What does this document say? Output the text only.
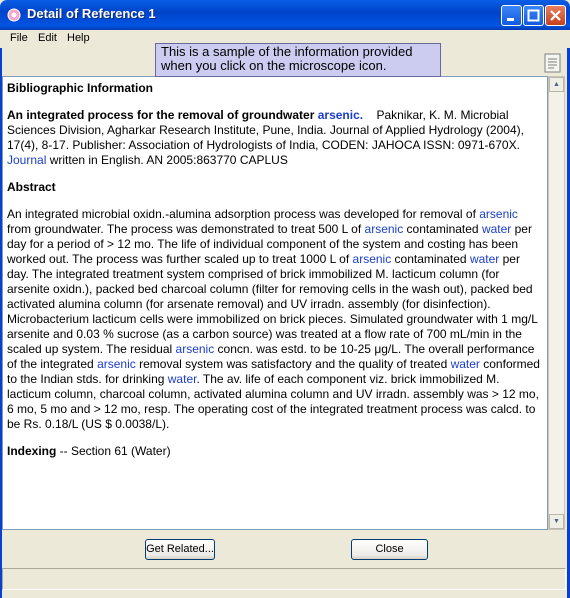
Detail of Reference 1
File Edit Help

Bibliographic Information

An integrated process for the removal of groundwater arsenic. Paknikar, K. M. Microbial Sciences Division, Agharkar Research Institute, Pune, India. Journal of Applied Hydrology (2004), 17(4), 8-17. Publisher: Association of Hydrologists of India, CODEN: JAHOCA ISSN: 0971-670X. Journal written in English. AN 2005:863770 CAPLUS

Abstract

An integrated microbial oxidn.-alumina adsorption process was developed for removal of arsenic from groundwater. The process was demonstrated to treat 500 L of arsenic contaminated water per day for a period of > 12 mo. The life of individual component of the system and costing has been worked out. The process was further scaled up to treat 1000 L of arsenic contaminated water per day. The integrated treatment system comprised of brick immobilized M. lacticum column (for arsenite oxidn.), packed bed charcoal column (filter for removing cells in the wash out), packed bed activated alumina column (for arsenate removal) and UV irradn. assembly (for disinfection). Microbacterium lacticum cells were immobilized on brick pieces. Simulated groundwater with 1 mg/L arsenite and 0.03 % sucrose (as a carbon source) was treated at a flow rate of 700 mL/min in the scaled up system. The residual arsenic concn. was estd. to be 10-25 μg/L. The overall performance of the integrated arsenic removal system was satisfactory and the quality of treated water conformed to the Indian stds. for drinking water. The av. life of each component viz. brick immobilized M. lacticum column, charcoal column, activated alumina column and UV irradn. assembly was > 12 mo, 6 mo, 5 mo and > 12 mo, resp. The operating cost of the integrated treatment process was calcd. to be Rs. 0.18/L (US $ 0.0038/L).

Indexing -- Section 61 (Water)

▲
▼
This is a sample of the information provided
when you click on the microscope icon.
Get Related...	Close
